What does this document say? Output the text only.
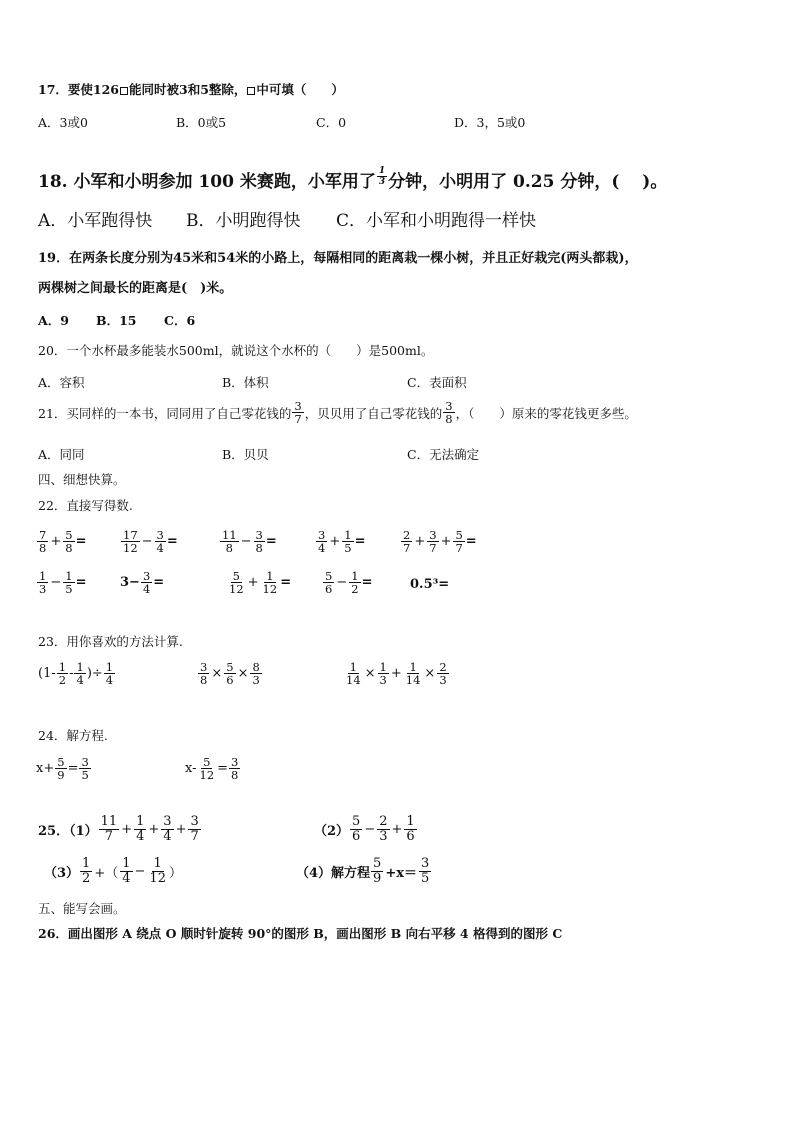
17．要使126 能同时被3和5整除， 中可填（　　）
A．3或0	B．0或5	C．0	D．3，5或0
18. 小军和小明参加 100 米赛跑，小军用了 $\frac{1}{3}$ 分钟，小明用了 0.25 分钟，(　 )。
A．小军跑得快 B．小明跑得快 C．小军和小明跑得一样快
19．在两条长度分别为45米和54米的小路上，每隔相同的距离栽一棵小树，并且正好栽完(两头都栽)，
两棵树之间最长的距离是(　)米。
A．9 B．15 C．6
20．一个水杯最多能装水500ml，就说这个水杯的（　　）是500ml。
A．容积	B．体积	C．表面积
21．买同样的一本书，同同用了自己零花钱的 $\frac{3}{7}$ ，贝贝用了自己零花钱的 $\frac{3}{8}$ ，（　　）原来的零花钱更多些。
A．同同	B．贝贝	C．无法确定
四、细想快算。
22．直接写得数.
$\frac{7}{8} + \frac{5}{8}$ =	$\frac{17}{12} - \frac{3}{4}$ =	$\frac{11}{8} - \frac{3}{8}$ =	$\frac{3}{4} + \frac{1}{5}$ =	$\frac{2}{7} + \frac{3}{7} + \frac{5}{7}$ =
$\frac{1}{3} - \frac{1}{5}$ =	$3- \frac{3}{4}$ =	$\frac{5}{12} + \frac{1}{12}$ =	$\frac{5}{6} - \frac{1}{2}$ =	0.5³=
23．用你喜欢的方法计算.
($1- \frac{1}{2} - \frac{1}{4}$ )÷ $\frac{1}{4}$	$\frac{3}{8} \times \frac{5}{6} \times \frac{8}{3}$	$\frac{1}{14} \times \frac{1}{3} + \frac{1}{14} \times \frac{2}{3}$
24．解方程.
$x+ \frac{5}{9} = \frac{3}{5}$	$x- \frac{5}{12} = \frac{3}{8}$
25．$(1) \frac{11}{7} + \frac{1}{4} + \frac{3}{4} + \frac{3}{7}$	$(2) \frac{5}{6} - \frac{2}{3} + \frac{1}{6}$
$(3) \frac{1}{2}$ +（ $\frac{1}{4} - \frac{1}{12}$ ）	（4）解方程 $\frac{5}{9} +x= \frac{3}{5}$
五、能写会画。
26．画出图形 A 绕点 O 顺时针旋转 90°的图形 B，画出图形 B 向右平移 4 格得到的图形 C
